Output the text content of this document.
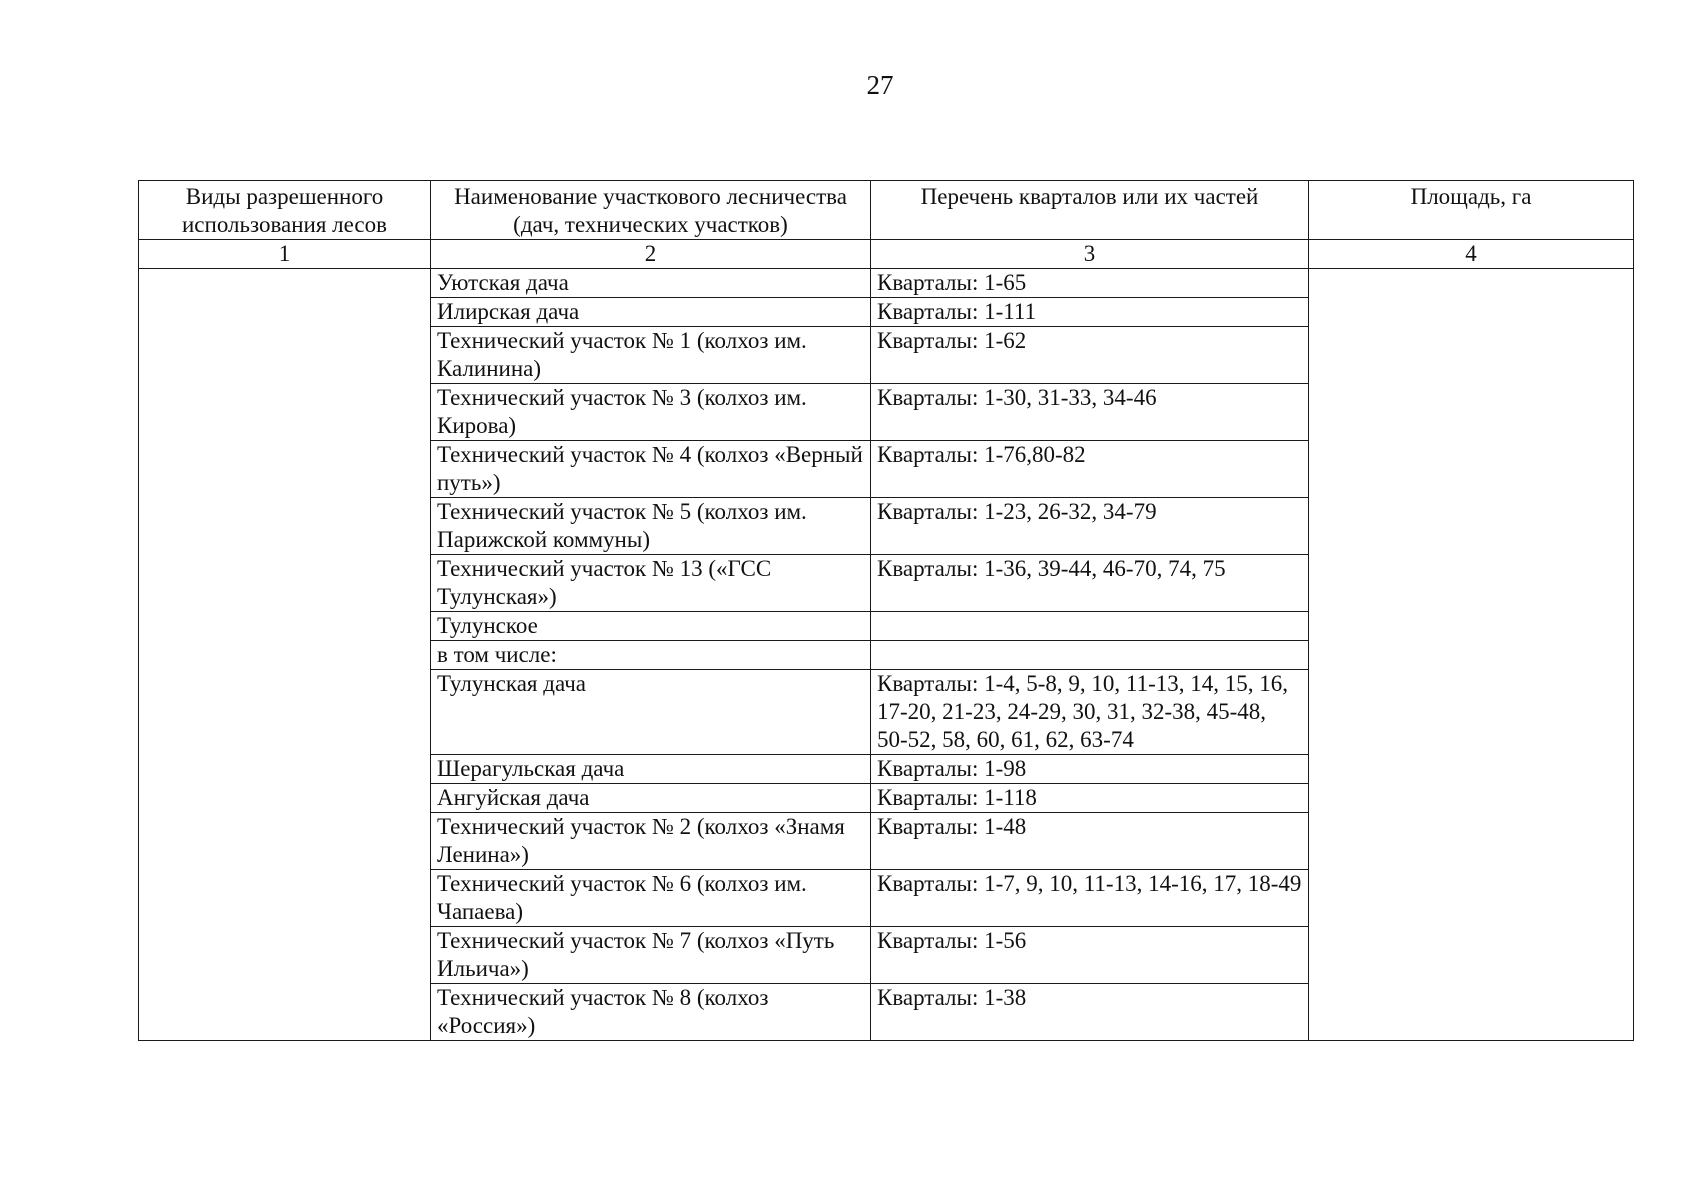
27
Виды разрешенного использования лесов	Наименование участкового лесничества (дач, технических участков)	Перечень кварталов или их частей	Площадь, га
1	2	3	4
	Уютская дача	Кварталы: 1-65	
	Илирская дача	Кварталы: 1-111	
	Технический участок № 1 (колхоз им. Калинина)	Кварталы: 1-62	
	Технический участок № 3 (колхоз им. Кирова)	Кварталы: 1-30, 31-33, 34-46	
	Технический участок № 4 (колхоз «Верный путь»)	Кварталы: 1-76,80-82	
	Технический участок № 5 (колхоз им. Парижской коммуны)	Кварталы: 1-23, 26-32, 34-79	
	Технический участок № 13 («ГСС Тулунская»)	Кварталы: 1-36, 39-44, 46-70, 74, 75	
	Тулунское		
	в том числе:		
	Тулунская дача	Кварталы: 1-4, 5-8, 9, 10, 11-13, 14, 15, 16, 17-20, 21-23, 24-29, 30, 31, 32-38, 45-48, 50-52, 58, 60, 61, 62, 63-74	
	Шерагульская дача	Кварталы: 1-98	
	Ангуйская дача	Кварталы: 1-118	
	Технический участок № 2 (колхоз «Знамя Ленина»)	Кварталы: 1-48	
	Технический участок № 6 (колхоз им. Чапаева)	Кварталы: 1-7, 9, 10, 11-13, 14-16, 17, 18-49	
	Технический участок № 7 (колхоз «Путь Ильича»)	Кварталы: 1-56	
	Технический участок № 8 (колхоз «Россия»)	Кварталы: 1-38	
